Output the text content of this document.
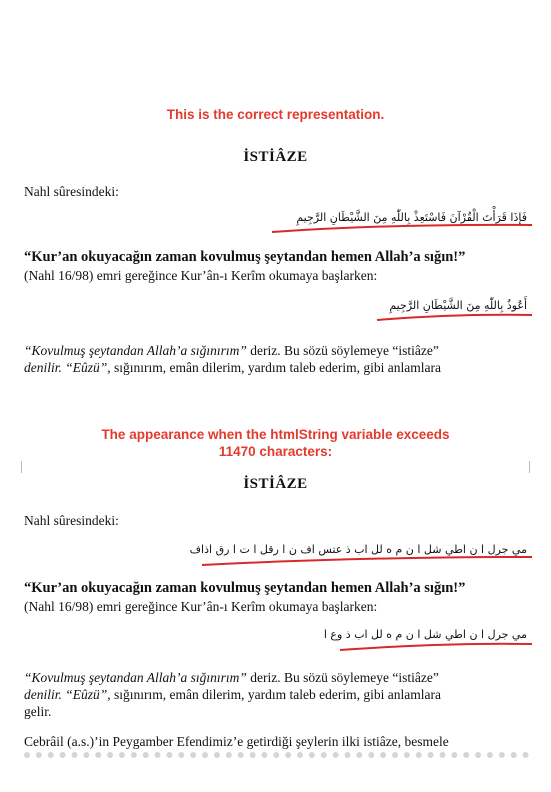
This is the correct representation.
İSTİÂZE
Nahl sûresindeki:
فَإِذَا قَرَأْتَ الْقُرْآنَ فَاسْتَعِذْ بِاللّٰهِ مِنَ الشَّيْطَانِ الرَّجِيمِ
“Kur’an okuyacağın zaman kovulmuş şeytandan hemen Allah’a sığın!”
(Nahl 16/98) emri gereğince Kur’ân-ı Kerîm okumaya başlarken:
أَعُوذُ بِاللّٰهِ مِنَ الشَّيْطَانِ الرَّجِيمِ
“Kovulmuş şeytandan Allah’a sığınırım” deriz. Bu sözü söylemeye “istiâze”
denilir. “Eûzü”, sığınırım, emân dilerim, yardım taleb ederim, gibi anlamlara
The appearance when the htmlString variable exceeds
11470 characters:
İSTİÂZE
Nahl sûresindeki:
مي جرل ا ن اطي شل ا ن م ه لل اب ذ عتس اف ن ا رقل ا ت ا رق اذاف
“Kur’an okuyacağın zaman kovulmuş şeytandan hemen Allah’a sığın!”
(Nahl 16/98) emri gereğince Kur’ân-ı Kerîm okumaya başlarken:
مي جرل ا ن اطي شل ا ن م ه لل اب ذ وع ا
“Kovulmuş şeytandan Allah’a sığınırım” deriz. Bu sözü söylemeye “istiâze”
denilir. “Eûzü”, sığınırım, emân dilerim, yardım taleb ederim, gibi anlamlara
gelir.
Cebrâil (a.s.)’in Peygamber Efendimiz’e getirdiği şeylerin ilki istiâze, besmele
